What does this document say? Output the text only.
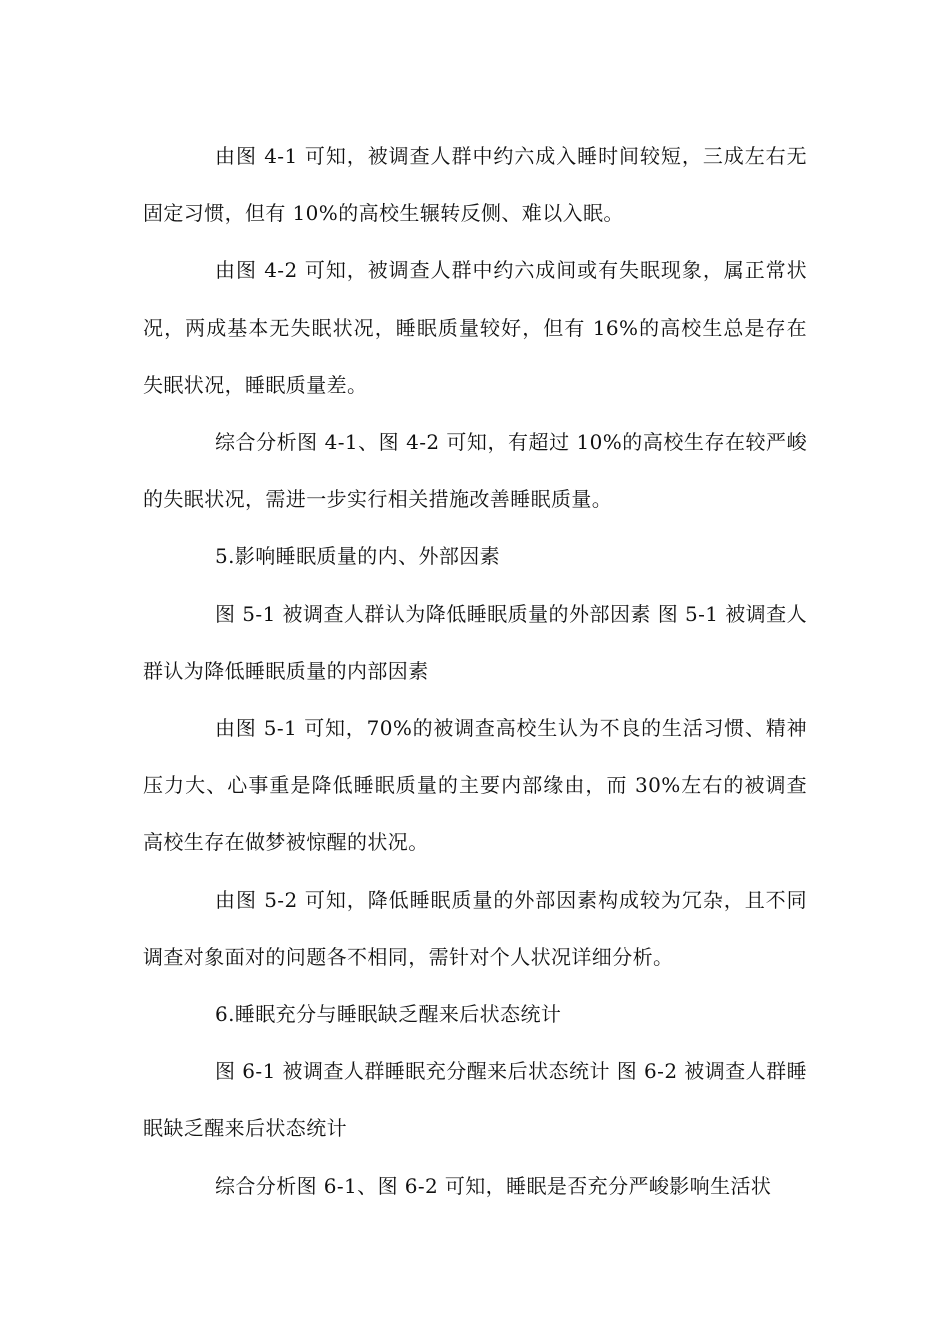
由图 4-1 可知，被调查人群中约六成入睡时间较短，三成左右无固定习惯，但有 10%的高校生辗转反侧、难以入眠。

由图 4-2 可知，被调查人群中约六成间或有失眠现象，属正常状况，两成基本无失眠状况，睡眠质量较好，但有 16%的高校生总是存在失眠状况，睡眠质量差。

综合分析图 4-1、图 4-2 可知，有超过 10%的高校生存在较严峻的失眠状况，需进一步实行相关措施改善睡眠质量。

5.影响睡眠质量的内、外部因素

图 5-1 被调查人群认为降低睡眠质量的外部因素 图 5-1 被调查人群认为降低睡眠质量的内部因素

由图 5-1 可知，70%的被调查高校生认为不良的生活习惯、精神压力大、心事重是降低睡眠质量的主要内部缘由，而 30%左右的被调查高校生存在做梦被惊醒的状况。

由图 5-2 可知，降低睡眠质量的外部因素构成较为冗杂，且不同调查对象面对的问题各不相同，需针对个人状况详细分析。

6.睡眠充分与睡眠缺乏醒来后状态统计

图 6-1 被调查人群睡眠充分醒来后状态统计 图 6-2 被调查人群睡眠缺乏醒来后状态统计

综合分析图 6-1、图 6-2 可知，睡眠是否充分严峻影响生活状
